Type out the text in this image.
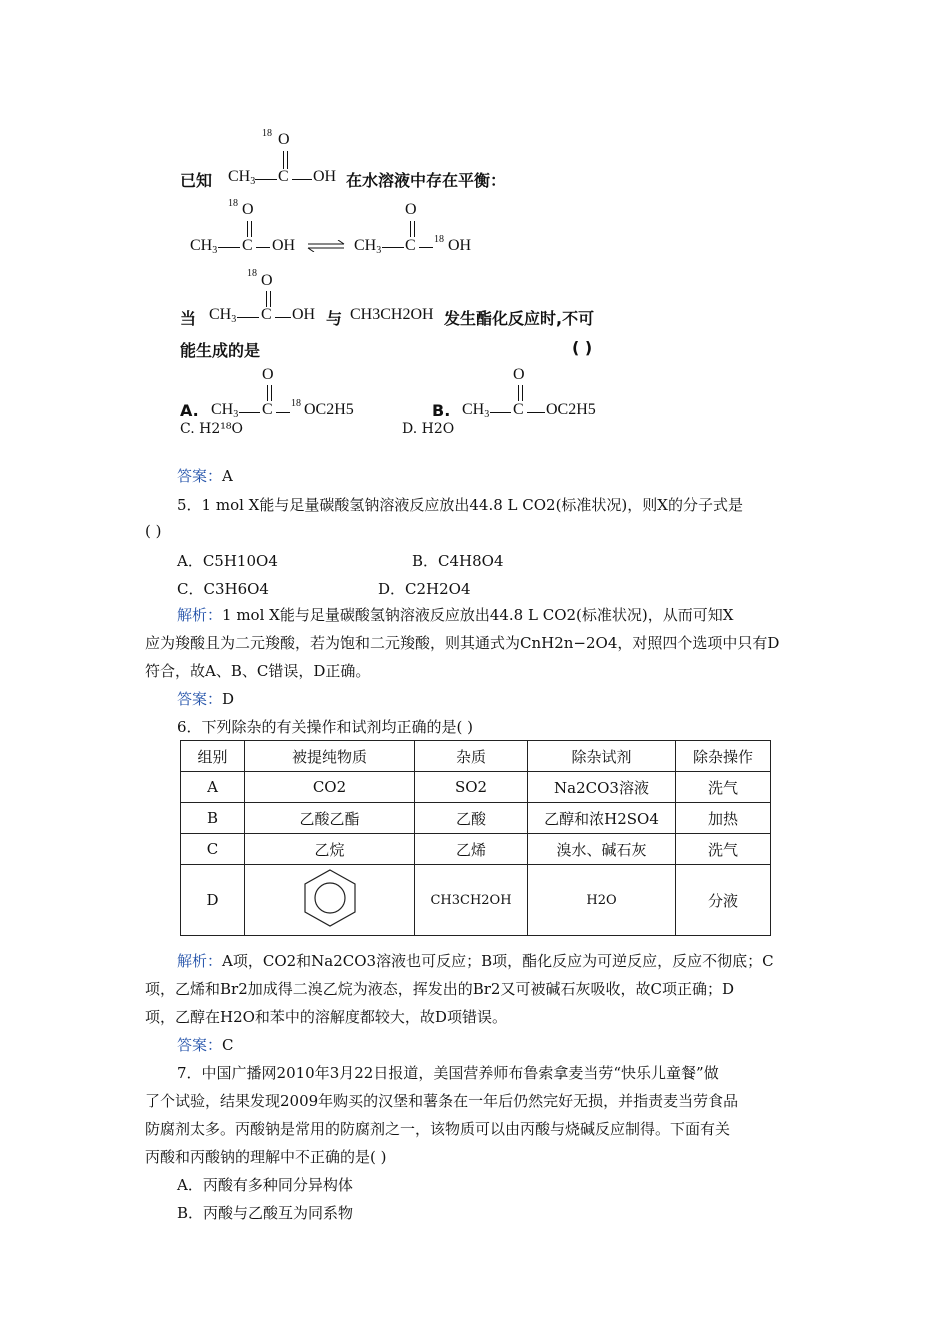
18 O
已知 $CH_3$ C OH 在水溶液中存在平衡：
18 O
$CH_3$ C OH ⇌
O
$CH_3$ C 18 OH
18 O
当 $CH_3$ C OH 与 CH3CH2OH 发生酯化反应时,不可
能生成的是	( )
O
A. $CH_3$ C 18 OC2H5
O
B. $CH_3$ C OC2H5
C. H2¹⁸O	D. H2O
答案：A
5．1 mol X能与足量碳酸氢钠溶液反应放出44.8 L CO2(标准状况)，则X的分子式是
( )
A．C5H10O4	B．C4H8O4
C．C3H6O4	D．C2H2O4
解析：1 mol X能与足量碳酸氢钠溶液反应放出44.8 L CO2(标准状况)，从而可知X
应为羧酸且为二元羧酸，若为饱和二元羧酸，则其通式为CnH2n−2O4，对照四个选项中只有D
符合，故A、B、C错误，D正确。
答案：D
6．下列除杂的有关操作和试剂均正确的是( )
组别	被提纯物质	杂质	除杂试剂	除杂操作
A	CO2	SO2	Na2CO3溶液	洗气
B	乙酸乙酯	乙酸	乙醇和浓H2SO4	加热
C	乙烷	乙烯	溴水、碱石灰	洗气
D		CH3CH2OH	H2O	分液
解析：A项，CO2和Na2CO3溶液也可反应；B项，酯化反应为可逆反应，反应不彻底；C
项，乙烯和Br2加成得二溴乙烷为液态，挥发出的Br2又可被碱石灰吸收，故C项正确；D
项，乙醇在H2O和苯中的溶解度都较大，故D项错误。
答案：C
7．中国广播网2010年3月22日报道，美国营养师布鲁索拿麦当劳“快乐儿童餐”做
了个试验，结果发现2009年购买的汉堡和薯条在一年后仍然完好无损，并指责麦当劳食品
防腐剂太多。丙酸钠是常用的防腐剂之一，该物质可以由丙酸与烧碱反应制得。下面有关
丙酸和丙酸钠的理解中不正确的是( )
A．丙酸有多种同分异构体
B．丙酸与乙酸互为同系物
